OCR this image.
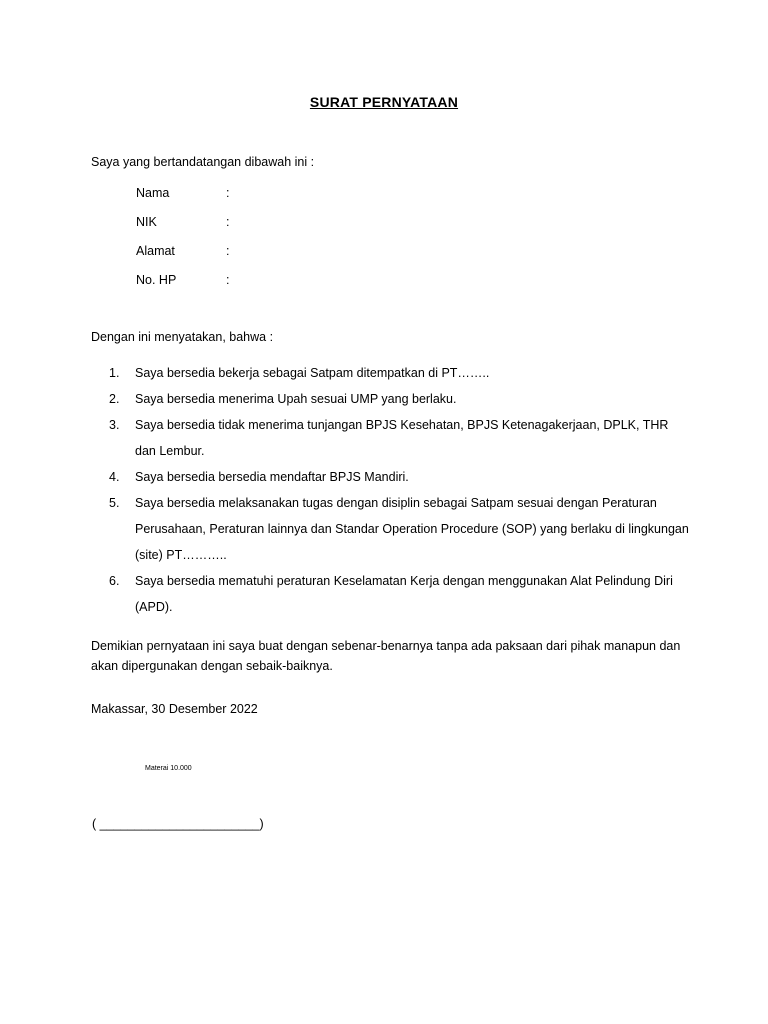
SURAT PERNYATAAN
Saya yang bertandatangan dibawah ini :
Nama	:
NIK	:
Alamat	:
No. HP	:
Dengan ini menyatakan, bahwa :
1.	Saya bersedia bekerja sebagai Satpam ditempatkan di PT……..
2.	Saya bersedia menerima Upah sesuai UMP yang berlaku.
3.	Saya bersedia tidak menerima tunjangan BPJS Kesehatan, BPJS Ketenagakerjaan, DPLK, THR dan Lembur.
4.	Saya bersedia bersedia mendaftar BPJS Mandiri.
5.	Saya bersedia melaksanakan tugas dengan disiplin sebagai Satpam sesuai dengan Peraturan Perusahaan, Peraturan lainnya dan Standar Operation Procedure (SOP) yang berlaku di lingkungan (site) PT………..
6.	Saya bersedia mematuhi peraturan Keselamatan Kerja dengan menggunakan Alat Pelindung Diri (APD).
Demikian pernyataan ini saya buat dengan sebenar-benarnya tanpa ada paksaan dari pihak manapun dan akan dipergunakan dengan sebaik-baiknya.
Makassar, 30 Desember 2022
Materai 10.000
( _______________________)
